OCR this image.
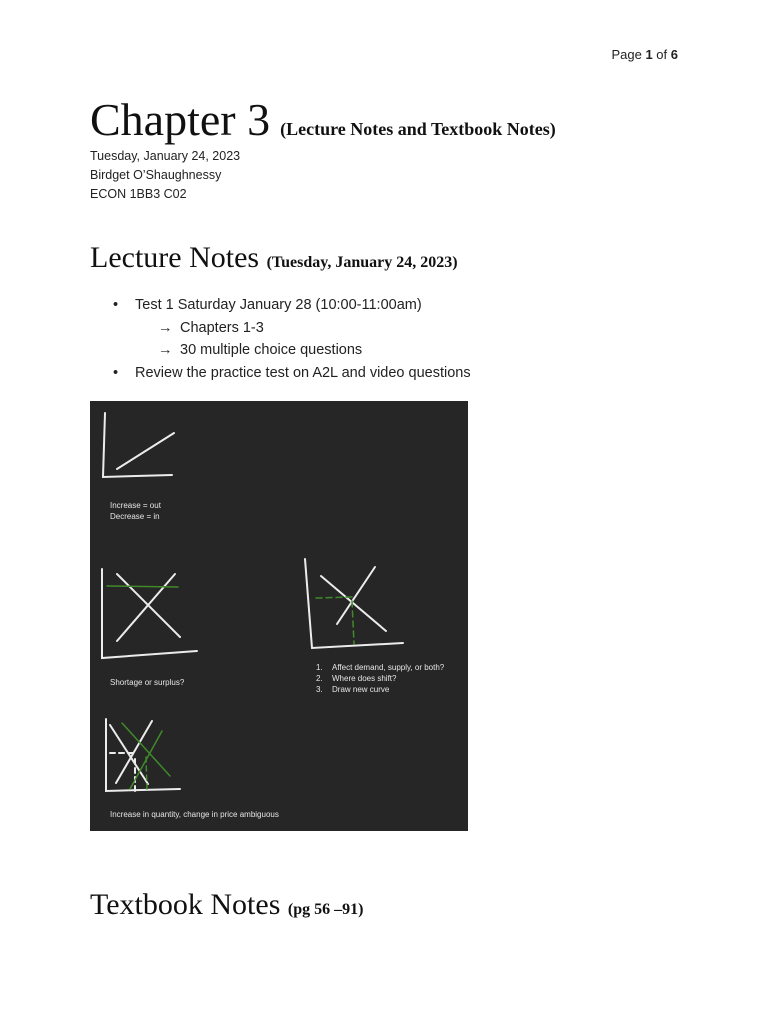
Page 1 of 6
Chapter 3 (Lecture Notes and Textbook Notes)
Tuesday, January 24, 2023
Birdget O’Shaughnessy
ECON 1BB3 C02
Lecture Notes (Tuesday, January 24, 2023)
• Test 1 Saturday January 28 (10:00-11:00am)
→ Chapters 1-3
→ 30 multiple choice questions
• Review the practice test on A2L and video questions
Increase = out
Decrease = in
Shortage or surplus?
1. Affect demand, supply, or both?
2. Where does shift?
3. Draw new curve
Increase in quantity, change in price ambiguous
Textbook Notes (pg 56 –91)
